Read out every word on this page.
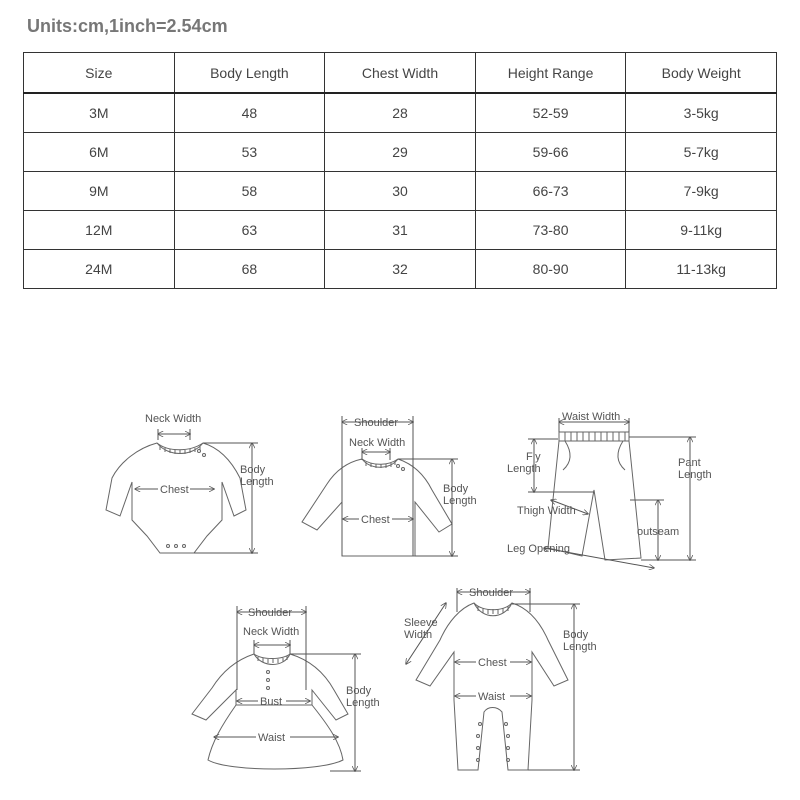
Units:cm,1inch=2.54cm
Size	Body Length	Chest Width	Height Range	Body Weight
3M	48	28	52-59	3-5kg
6M	53	29	59-66	5-7kg
9M	58	30	66-73	7-9kg
12M	63	31	73-80	9-11kg
24M	68	32	80-90	11-13kg
Neck Width
Chest
Body
Length
Shoulder
Neck Width
Chest
Body
Length
Waist Width
Fly
Length	Pant
Length
Thigh Width
outseam
Leg Opening
Shoulder
Neck Width
Bust
Waist
Body
Length
Shoulder
Sleeve
Width
Chest
Waist
Body
Length
